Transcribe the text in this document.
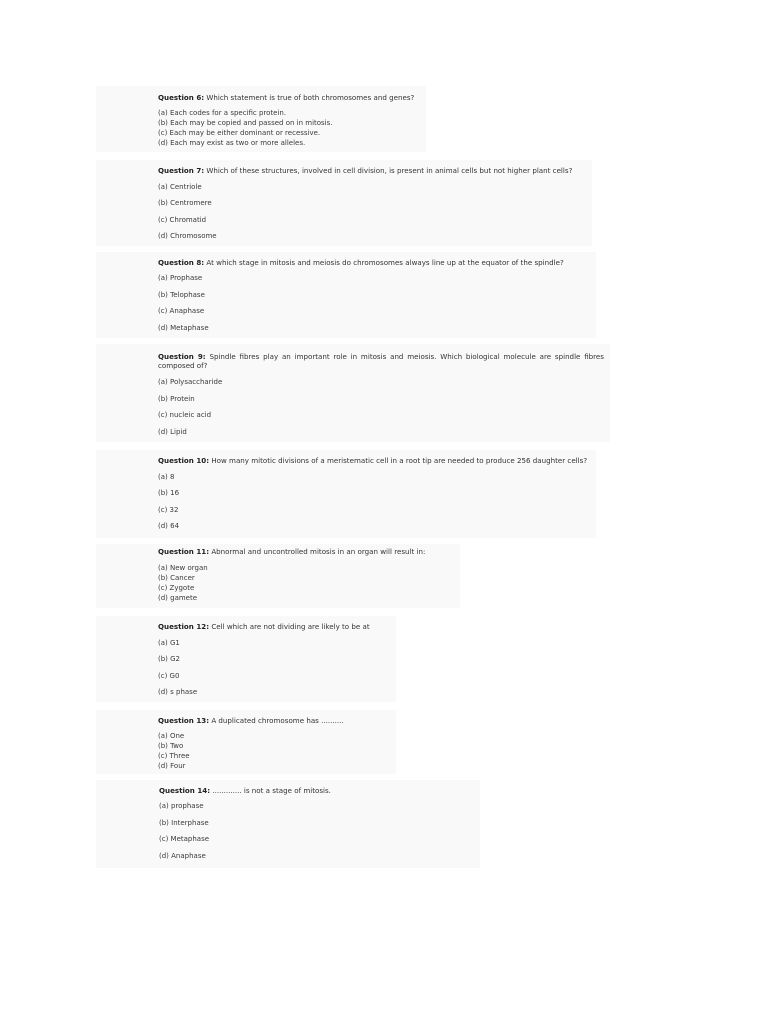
Question 6: Which statement is true of both chromosomes and genes?
(a) Each codes for a specific protein.
(b) Each may be copied and passed on in mitosis.
(c) Each may be either dominant or recessive.
(d) Each may exist as two or more alleles.
Question 7: Which of these structures, involved in cell division, is present in animal cells but not higher plant cells?
(a) Centriole
(b) Centromere
(c) Chromatid
(d) Chromosome
Question 8: At which stage in mitosis and meiosis do chromosomes always line up at the equator of the spindle?
(a) Prophase
(b) Telophase
(c) Anaphase
(d) Metaphase
Question 9: Spindle fibres play an important role in mitosis and meiosis. Which biological molecule are spindle fibres composed of?
(a) Polysaccharide
(b) Protein
(c) nucleic acid
(d) Lipid
Question 10: How many mitotic divisions of a meristematic cell in a root tip are needed to produce 256 daughter cells?
(a) 8
(b) 16
(c) 32
(d) 64
Question 11: Abnormal and uncontrolled mitosis in an organ will result in:
(a) New organ
(b) Cancer
(c) Zygote
(d) gamete
Question 12: Cell which are not dividing are likely to be at
(a) G1
(b) G2
(c) G0
(d) s phase
Question 13: A duplicated chromosome has ..........
(a) One
(b) Two
(c) Three
(d) Four
Question 14: ............. is not a stage of mitosis.
(a) prophase
(b) Interphase
(c) Metaphase
(d) Anaphase
